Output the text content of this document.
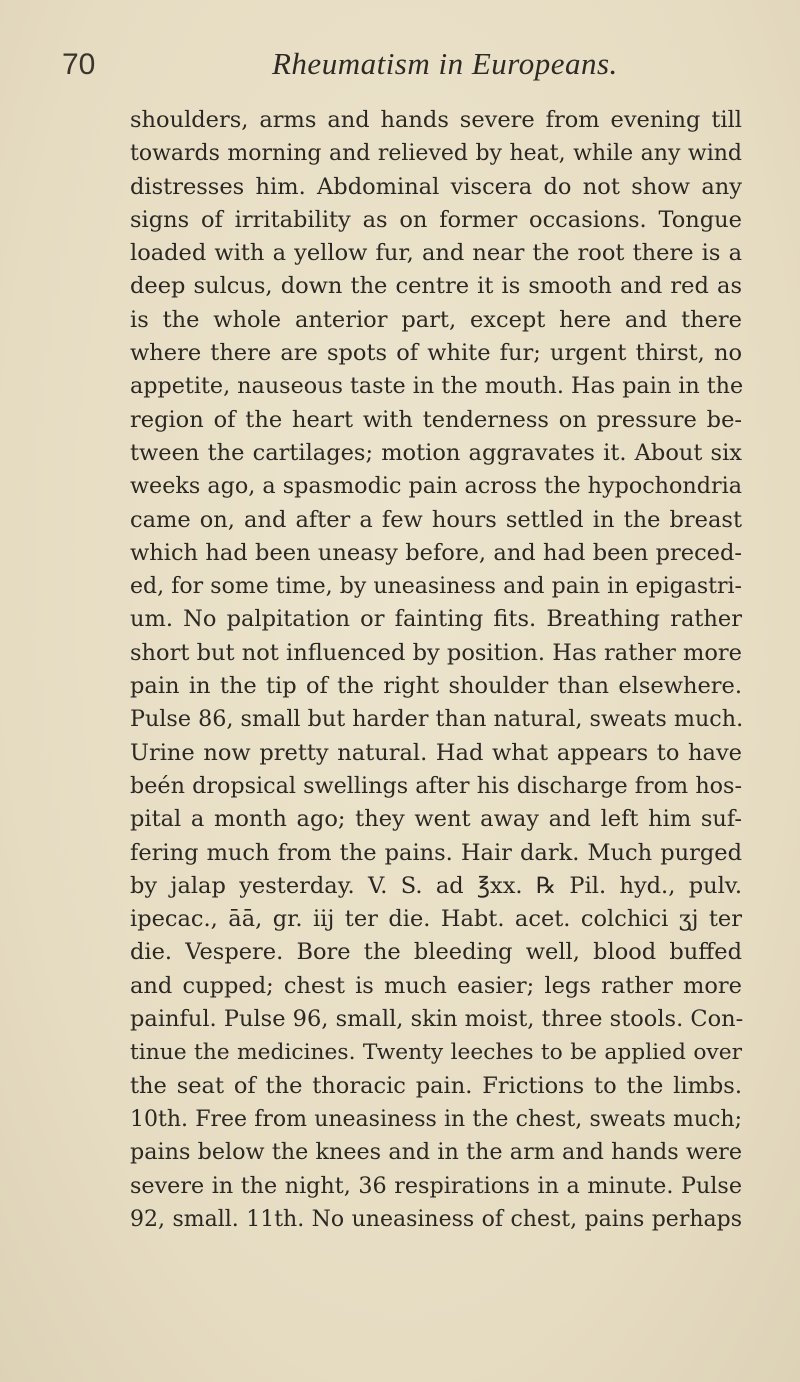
70	Rheumatism in Europeans.
shoulders, arms and hands severe from evening till
towards morning and relieved by heat, while any wind
distresses him. Abdominal viscera do not show any
signs of irritability as on former occasions. Tongue
loaded with a yellow fur, and near the root there is a
deep sulcus, down the centre it is smooth and red as
is the whole anterior part, except here and there
where there are spots of white fur; urgent thirst, no
appetite, nauseous taste in the mouth. Has pain in the
region of the heart with tenderness on pressure be-
tween the cartilages; motion aggravates it. About six
weeks ago, a spasmodic pain across the hypochondria
came on, and after a few hours settled in the breast
which had been uneasy before, and had been preced-
ed, for some time, by uneasiness and pain in epigastri-
um. No palpitation or fainting fits. Breathing rather
short but not influenced by position. Has rather more
pain in the tip of the right shoulder than elsewhere.
Pulse 86, small but harder than natural, sweats much.
Urine now pretty natural. Had what appears to have
beén dropsical swellings after his discharge from hos-
pital a month ago; they went away and left him suf-
fering much from the pains. Hair dark. Much purged
by jalap yesterday. V. S. ad ℥xx. ℞ Pil. hyd., pulv.
ipecac., āā, gr. iij ter die. Habt. acet. colchici ʒj ter
die. Vespere. Bore the bleeding well, blood buffed
and cupped; chest is much easier; legs rather more
painful. Pulse 96, small, skin moist, three stools. Con-
tinue the medicines. Twenty leeches to be applied over
the seat of the thoracic pain. Frictions to the limbs.
10th. Free from uneasiness in the chest, sweats much;
pains below the knees and in the arm and hands were
severe in the night, 36 respirations in a minute. Pulse
92, small. 11th. No uneasiness of chest, pains perhaps
